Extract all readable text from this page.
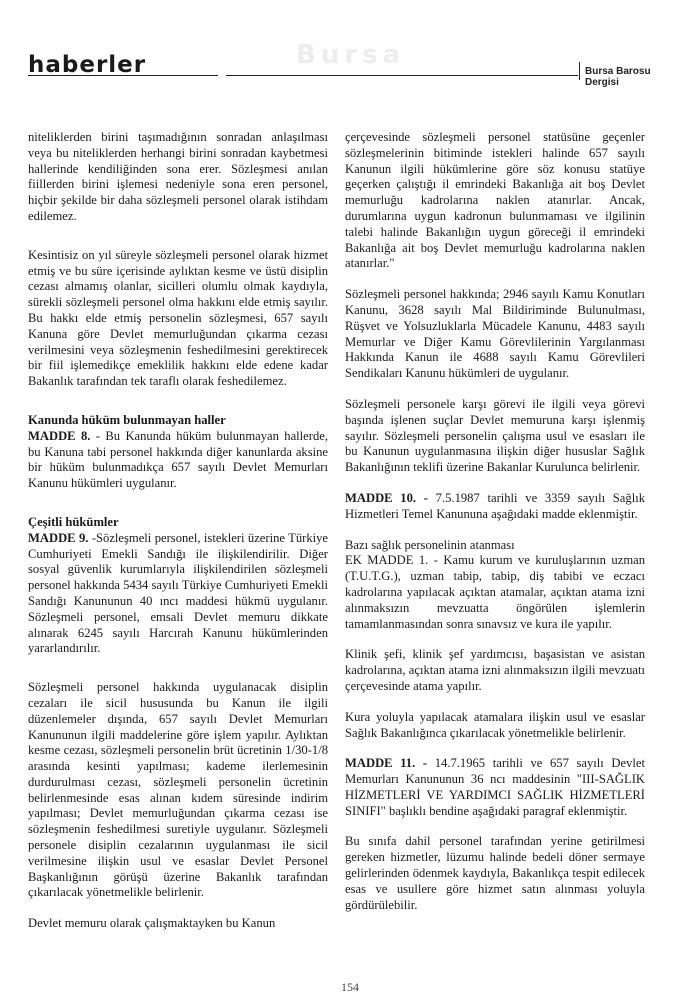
haberler	Bursa
Bursa Barosu Dergisi

niteliklerden birini taşımadığının sonradan anlaşılması veya bu niteliklerden herhangi birini sonradan kaybetmesi hallerinde kendiliğinden sona erer. Sözleşmesi anılan fiillerden birini işlemesi nedeniyle sona eren personel, hiçbir şekilde bir daha sözleşmeli personel olarak istihdam edilemez.

Kesintisiz on yıl süreyle sözleşmeli personel olarak hizmet etmiş ve bu süre içerisinde aylıktan kesme ve üstü disiplin cezası almamış olanlar, sicilleri olumlu olmak kaydıyla, sürekli sözleşmeli personel olma hakkını elde etmiş sayılır. Bu hakkı elde etmiş personelin sözleşmesi, 657 sayılı Kanuna göre Devlet memurluğundan çıkarma cezası verilmesini veya sözleşmenin feshedilmesini gerektirecek bir fiil işlemedikçe emeklilik hakkını elde edene kadar Bakanlık tarafından tek taraflı olarak feshedilemez.

Kanunda hüküm bulunmayan haller

MADDE 8. - Bu Kanunda hüküm bulunmayan hallerde, bu Kanuna tabi personel hakkında diğer kanunlarda aksine bir hüküm bulunmadıkça 657 sayılı Devlet Memurları Kanunu hükümleri uygulanır.

Çeşitli hükümler

MADDE 9. -Sözleşmeli personel, istekleri üzerine Türkiye Cumhuriyeti Emekli Sandığı ile ilişkilendirilir. Diğer sosyal güvenlik kurumlarıyla ilişkilendirilen sözleşmeli personel hakkında 5434 sayılı Türkiye Cumhuriyeti Emekli Sandığı Kanununun 40 ıncı maddesi hükmü uygulanır. Sözleşmeli personel, emsali Devlet memuru dikkate alınarak 6245 sayılı Harcırah Kanunu hükümlerinden yararlandırılır.

Sözleşmeli personel hakkında uygulanacak disiplin cezaları ile sicil hususunda bu Kanun ile ilgili düzenlemeler dışında, 657 sayılı Devlet Memurları Kanununun ilgili maddelerine göre işlem yapılır. Aylıktan kesme cezası, sözleşmeli personelin brüt ücretinin 1/30-1/8 arasında kesinti yapılması; kademe ilerlemesinin durdurulması cezası, sözleşmeli personelin ücretinin belirlenmesinde esas alınan kıdem süresinde indirim yapılması; Devlet memurluğundan çıkarma cezası ise sözleşmenin feshedilmesi suretiyle uygulanır. Sözleşmeli personele disiplin cezalarının uygulanması ile sicil verilmesine ilişkin usul ve esaslar Devlet Personel Başkanlığının görüşü üzerine Bakanlık tarafından çıkarılacak yönetmelikle belirlenir.

Devlet memuru olarak çalışmaktayken bu Kanun

çerçevesinde sözleşmeli personel statüsüne geçenler sözleşmelerinin bitiminde istekleri halinde 657 sayılı Kanunun ilgili hükümlerine göre söz konusu statüye geçerken çalıştığı il emrindeki Bakanlığa ait boş Devlet memurluğu kadrolarına naklen atanırlar. Ancak, durumlarına uygun kadronun bulunmaması ve ilgilinin talebi halinde Bakanlığın uygun göreceği il emrindeki Bakanlığa ait boş Devlet memurluğu kadrolarına naklen atanırlar."

Sözleşmeli personel hakkında; 2946 sayılı Kamu Konutları Kanunu, 3628 sayılı Mal Bildiriminde Bulunulması, Rüşvet ve Yolsuzluklarla Mücadele Kanunu, 4483 sayılı Memurlar ve Diğer Kamu Görevlilerinin Yargılanması Hakkında Kanun ile 4688 sayılı Kamu Görevlileri Sendikaları Kanunu hükümleri de uygulanır.

Sözleşmeli personele karşı görevi ile ilgili veya görevi başında işlenen suçlar Devlet memuruna karşı işlenmiş sayılır. Sözleşmeli personelin çalışma usul ve esasları ile bu Kanunun uygulanmasına ilişkin diğer hususlar Sağlık Bakanlığının teklifi üzerine Bakanlar Kurulunca belirlenir.

MADDE 10. - 7.5.1987 tarihli ve 3359 sayılı Sağlık Hizmetleri Temel Kanununa aşağıdaki madde eklenmiştir.

Bazı sağlık personelinin atanması

EK MADDE 1. - Kamu kurum ve kuruluşlarının uzman (T.U.T.G.), uzman tabip, tabip, diş tabibi ve eczacı kadrolarına yapılacak açıktan atamalar, açıktan atama izni alınmaksızın mevzuatta öngörülen işlemlerin tamamlanmasından sonra sınavsız ve kura ile yapılır.

Klinik şefi, klinik şef yardımcısı, başasistan ve asistan kadrolarına, açıktan atama izni alınmaksızın ilgili mevzuatı çerçevesinde atama yapılır.

Kura yoluyla yapılacak atamalara ilişkin usul ve esaslar Sağlık Bakanlığınca çıkarılacak yönetmelikle belirlenir.

MADDE 11. - 14.7.1965 tarihli ve 657 sayılı Devlet Memurları Kanununun 36 ncı maddesinin "III-SAĞLIK HİZMETLERİ VE YARDIMCI SAĞLIK HİZMETLERİ SINIFI" başlıklı bendine aşağıdaki paragraf eklenmiştir.

Bu sınıfa dahil personel tarafından yerine getirilmesi gereken hizmetler, lüzumu halinde bedeli döner sermaye gelirlerinden ödenmek kaydıyla, Bakanlıkça tespit edilecek esas ve usullere göre hizmet satın alınması yoluyla gördürülebilir.

154
